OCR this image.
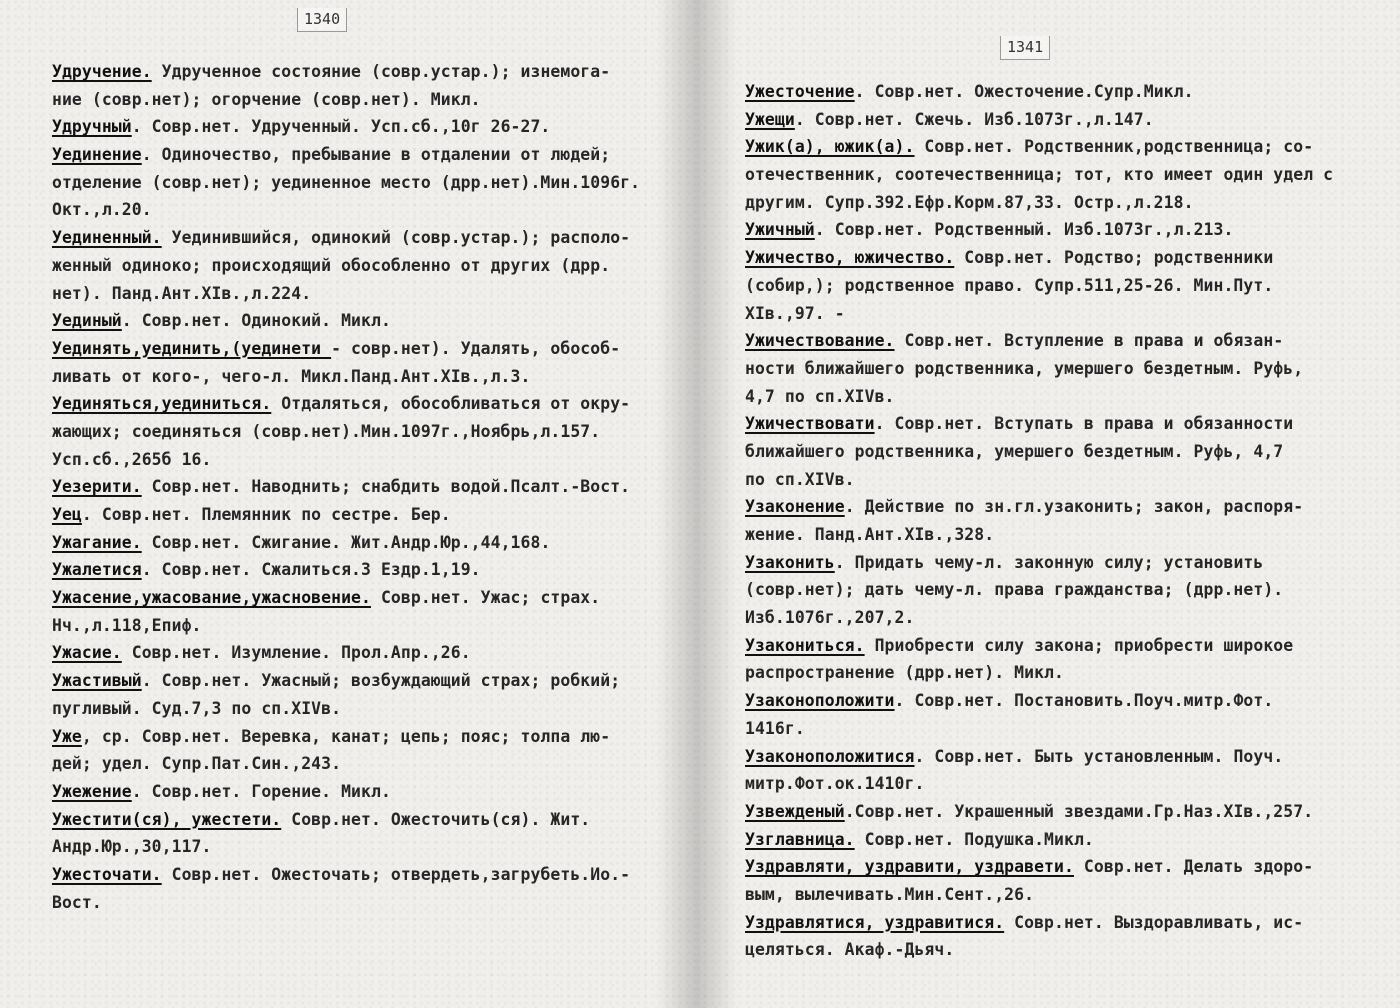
1340
Удручение. Удрученное состояние (совр.устар.); изнемога-
ние (совр.нет); огорчение (совр.нет). Микл.
Удручный. Совр.нет. Удрученный. Усп.сб.,10г 26-27.
Уединение. Одиночество, пребывание в отдалении от людей;
отделение (совр.нет); уединенное место (дрр.нет).Мин.1096г.
Окт.,л.20.
Уединенный. Уединившийся, одинокий (совр.устар.); располо-
женный одиноко; происходящий обособленно от других (дрр.
нет). Панд.Ант.XIв.,л.224.
Уединый. Совр.нет. Одинокий. Микл.
Уединять,уединить,(уединети - совр.нет). Удалять, обособ-
ливать от кого-, чего-л. Микл.Панд.Ант.XIв.,л.3.
Уединяться,уединиться. Отдаляться, обособливаться от окру-
жающих; соединяться (совр.нет).Мин.1097г.,Ноябрь,л.157.
Усп.сб.,265б 16.
Уезерити. Совр.нет. Наводнить; снабдить водой.Псалт.-Вост.
Уец. Совр.нет. Племянник по сестре. Бер.
Ужагание. Совр.нет. Сжигание. Жит.Андр.Юр.,44,168.
Ужалетися. Совр.нет. Сжалиться.3 Ездр.1,19.
Ужасение,ужасование,ужасновение. Совр.нет. Ужас; страх.
Нч.,л.118,Епиф.
Ужасие. Совр.нет. Изумление. Прол.Апр.,26.
Ужастивый. Совр.нет. Ужасный; возбуждающий страх; робкий;
пугливый. Суд.7,3 по сп.XIVв.
Уже, ср. Совр.нет. Веревка, канат; цепь; пояс; толпа лю-
дей; удел. Супр.Пат.Син.,243.
Ужежение. Совр.нет. Горение. Микл.
Ужестити(ся), ужестети. Совр.нет. Ожесточить(ся). Жит.
Андр.Юр.,30,117.
Ужесточати. Совр.нет. Ожесточать; отвердеть,загрубеть.Ио.-
Вост.
1341
Ужесточение. Совр.нет. Ожесточение.Супр.Микл.
Ужещи. Совр.нет. Сжечь. Изб.1073г.,л.147.
Ужик(а), южик(а). Совр.нет. Родственник,родственница; со-
отечественник, соотечественница; тот, кто имеет один удел с
другим. Супр.392.Ефр.Корм.87,33. Остр.,л.218.
Ужичный. Совр.нет. Родственный. Изб.1073г.,л.213.
Ужичество, южичество. Совр.нет. Родство; родственники
(собир,); родственное право. Супр.511,25-26. Мин.Пут.
XIв.,97. -
Ужичествование. Совр.нет. Вступление в права и обязан-
ности ближайшего родственника, умершего бездетным. Руфь,
4,7 по сп.XIVв.
Ужичествовати. Совр.нет. Вступать в права и обязанности
ближайшего родственника, умершего бездетным. Руфь, 4,7
по сп.XIVв.
Узаконение. Действие по зн.гл.узаконить; закон, распоря-
жение. Панд.Ант.XIв.,328.
Узаконить. Придать чему-л. законную силу; установить
(совр.нет); дать чему-л. права гражданства; (дрр.нет).
Изб.1076г.,207,2.
Узакониться. Приобрести силу закона; приобрести широкое
распространение (дрр.нет). Микл.
Узаконоположити. Совр.нет. Постановить.Поуч.митр.Фот.
1416г.
Узаконоположитися. Совр.нет. Быть установленным. Поуч.
митр.Фот.ок.1410г.
Узвежденый.Совр.нет. Украшенный звездами.Гр.Наз.XIв.,257.
Узглавница. Совр.нет. Подушка.Микл.
Уздравляти, уздравити, уздравети. Совр.нет. Делать здоро-
вым, вылечивать.Мин.Сент.,26.
Уздравлятися, уздравитися. Совр.нет. Выздоравливать, ис-
целяться. Акаф.-Дьяч.
